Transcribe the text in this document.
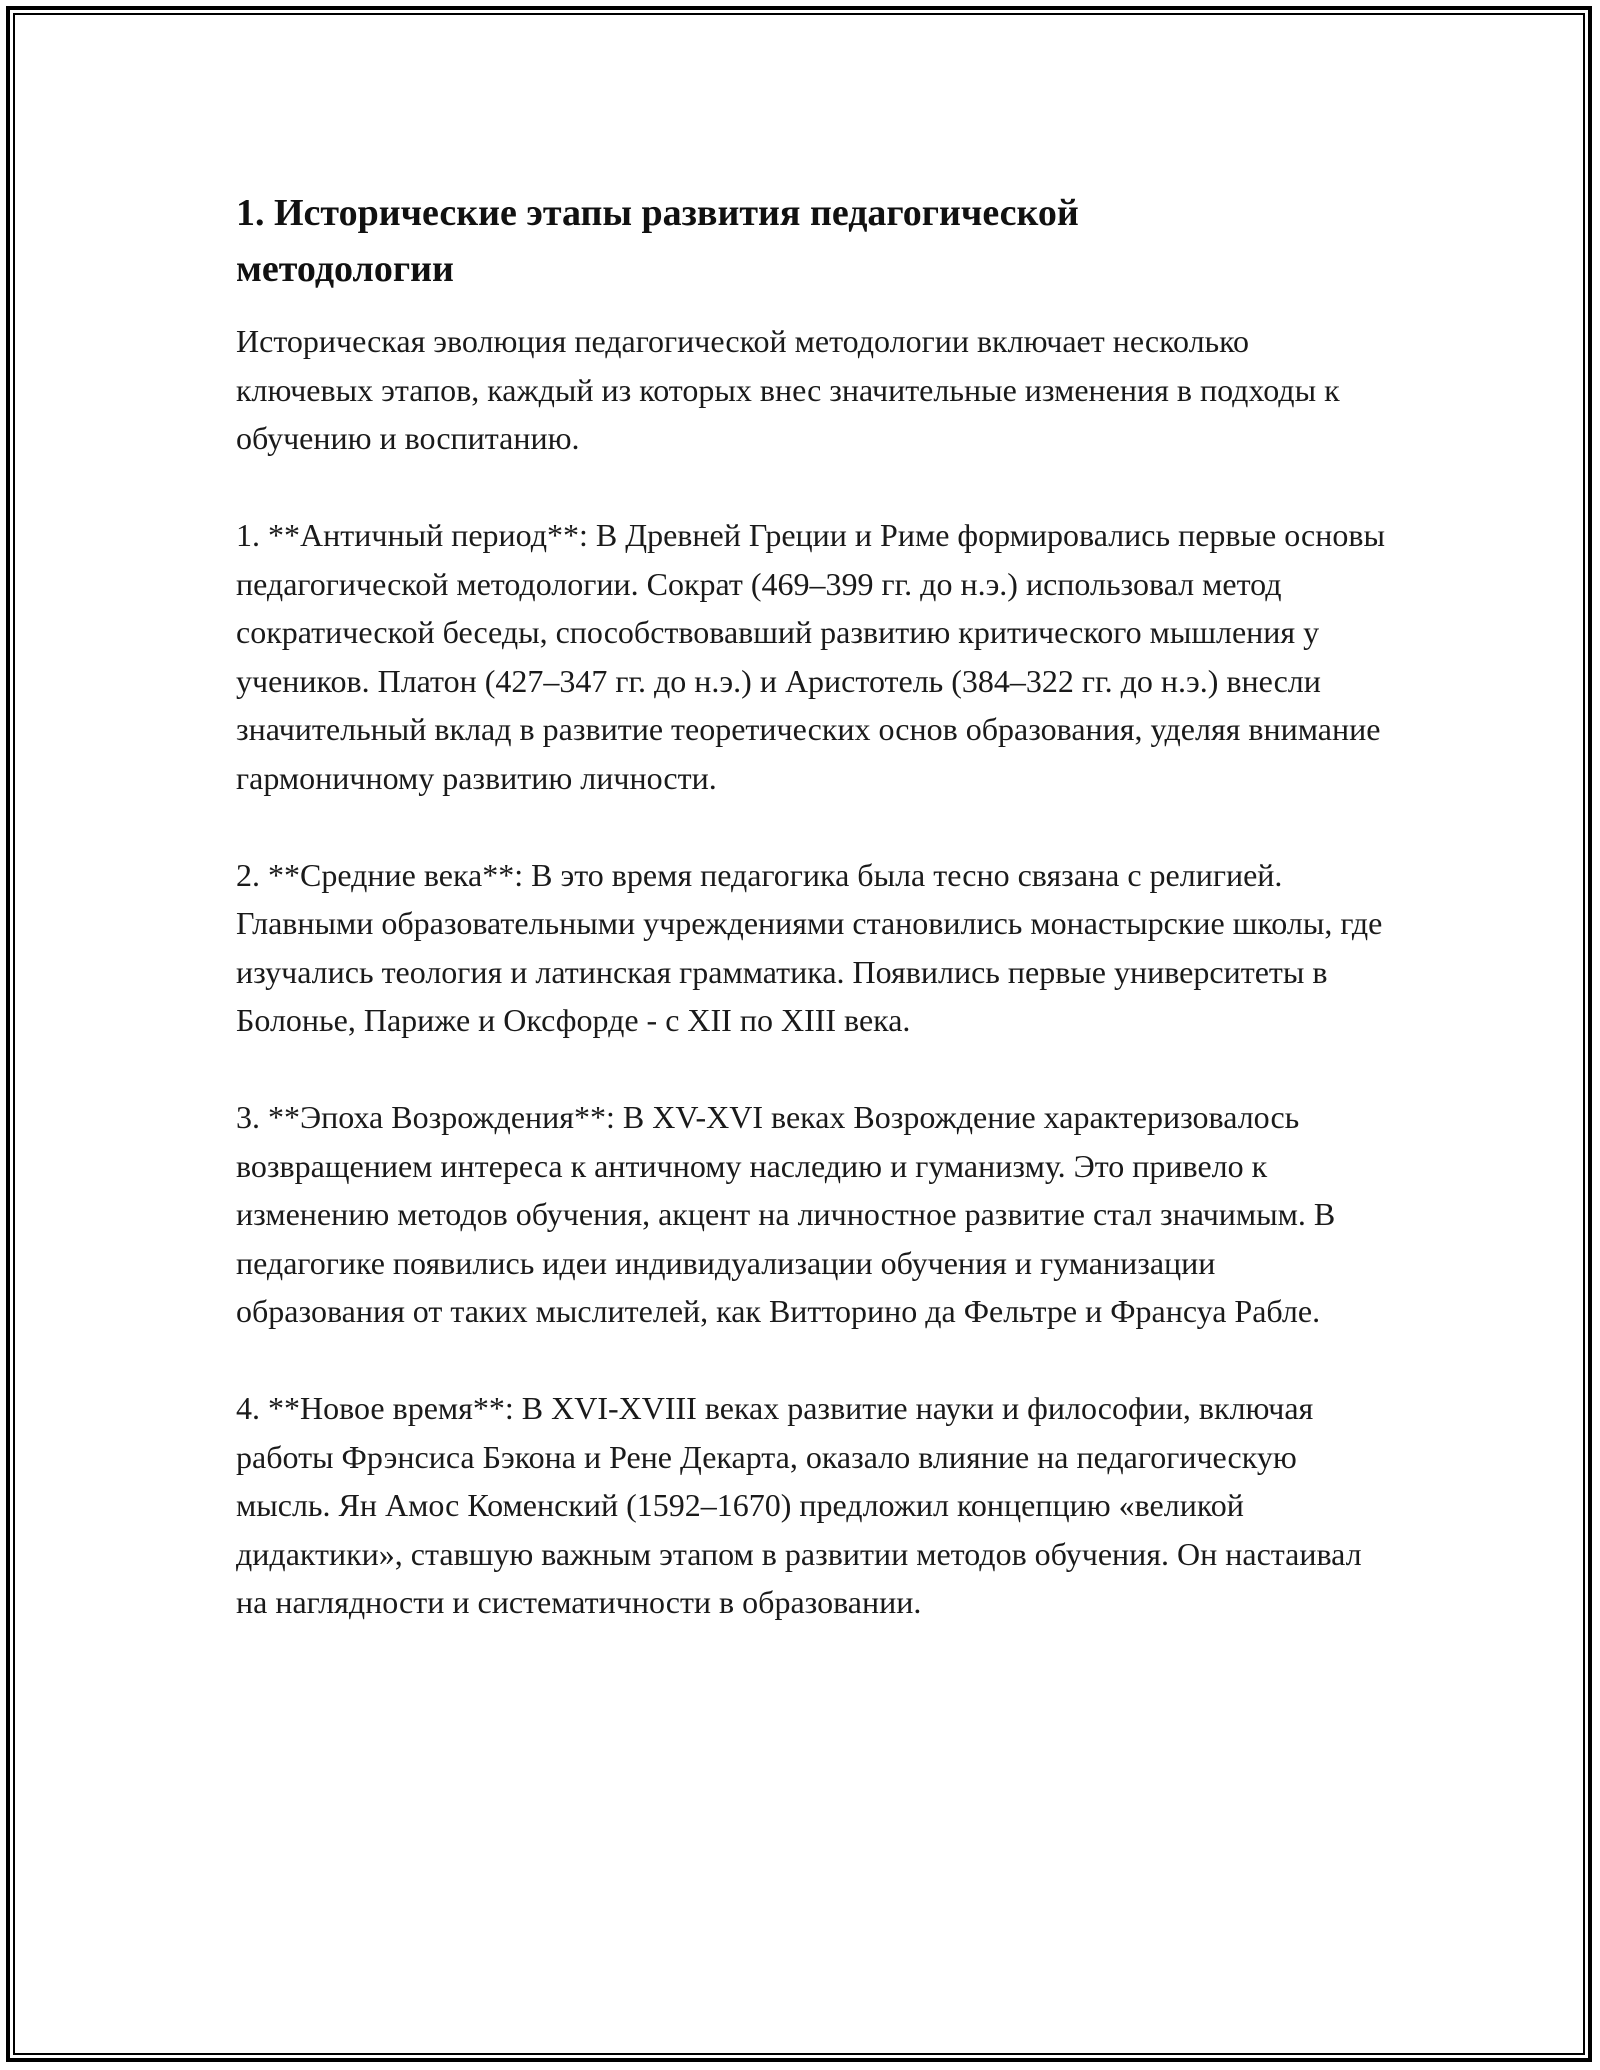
1. Исторические этапы развития педагогической методологии

Историческая эволюция педагогической методологии включает несколько ключевых этапов, каждый из которых внес значительные изменения в подходы к обучению и воспитанию.

1. **Античный период**: В Древней Греции и Риме формировались первые основы педагогической методологии. Сократ (469–399 гг. до н.э.) использовал метод сократической беседы, способствовавший развитию критического мышления у учеников. Платон (427–347 гг. до н.э.) и Аристотель (384–322 гг. до н.э.) внесли значительный вклад в развитие теоретических основ образования, уделяя внимание гармоничному развитию личности.

2. **Средние века**: В это время педагогика была тесно связана с религией. Главными образовательными учреждениями становились монастырские школы, где изучались теология и латинская грамматика. Появились первые университеты в Болонье, Париже и Оксфорде - с XII по XIII века.

3. **Эпоха Возрождения**: В XV-XVI веках Возрождение характеризовалось возвращением интереса к античному наследию и гуманизму. Это привело к изменению методов обучения, акцент на личностное развитие стал значимым. В педагогике появились идеи индивидуализации обучения и гуманизации образования от таких мыслителей, как Витторино да Фельтре и Франсуа Рабле.

4. **Новое время**: В XVI-XVIII веках развитие науки и философии, включая работы Фрэнсиса Бэкона и Рене Декарта, оказало влияние на педагогическую мысль. Ян Амос Коменский (1592–1670) предложил концепцию «великой дидактики», ставшую важным этапом в развитии методов обучения. Он настаивал на наглядности и систематичности в образовании.
